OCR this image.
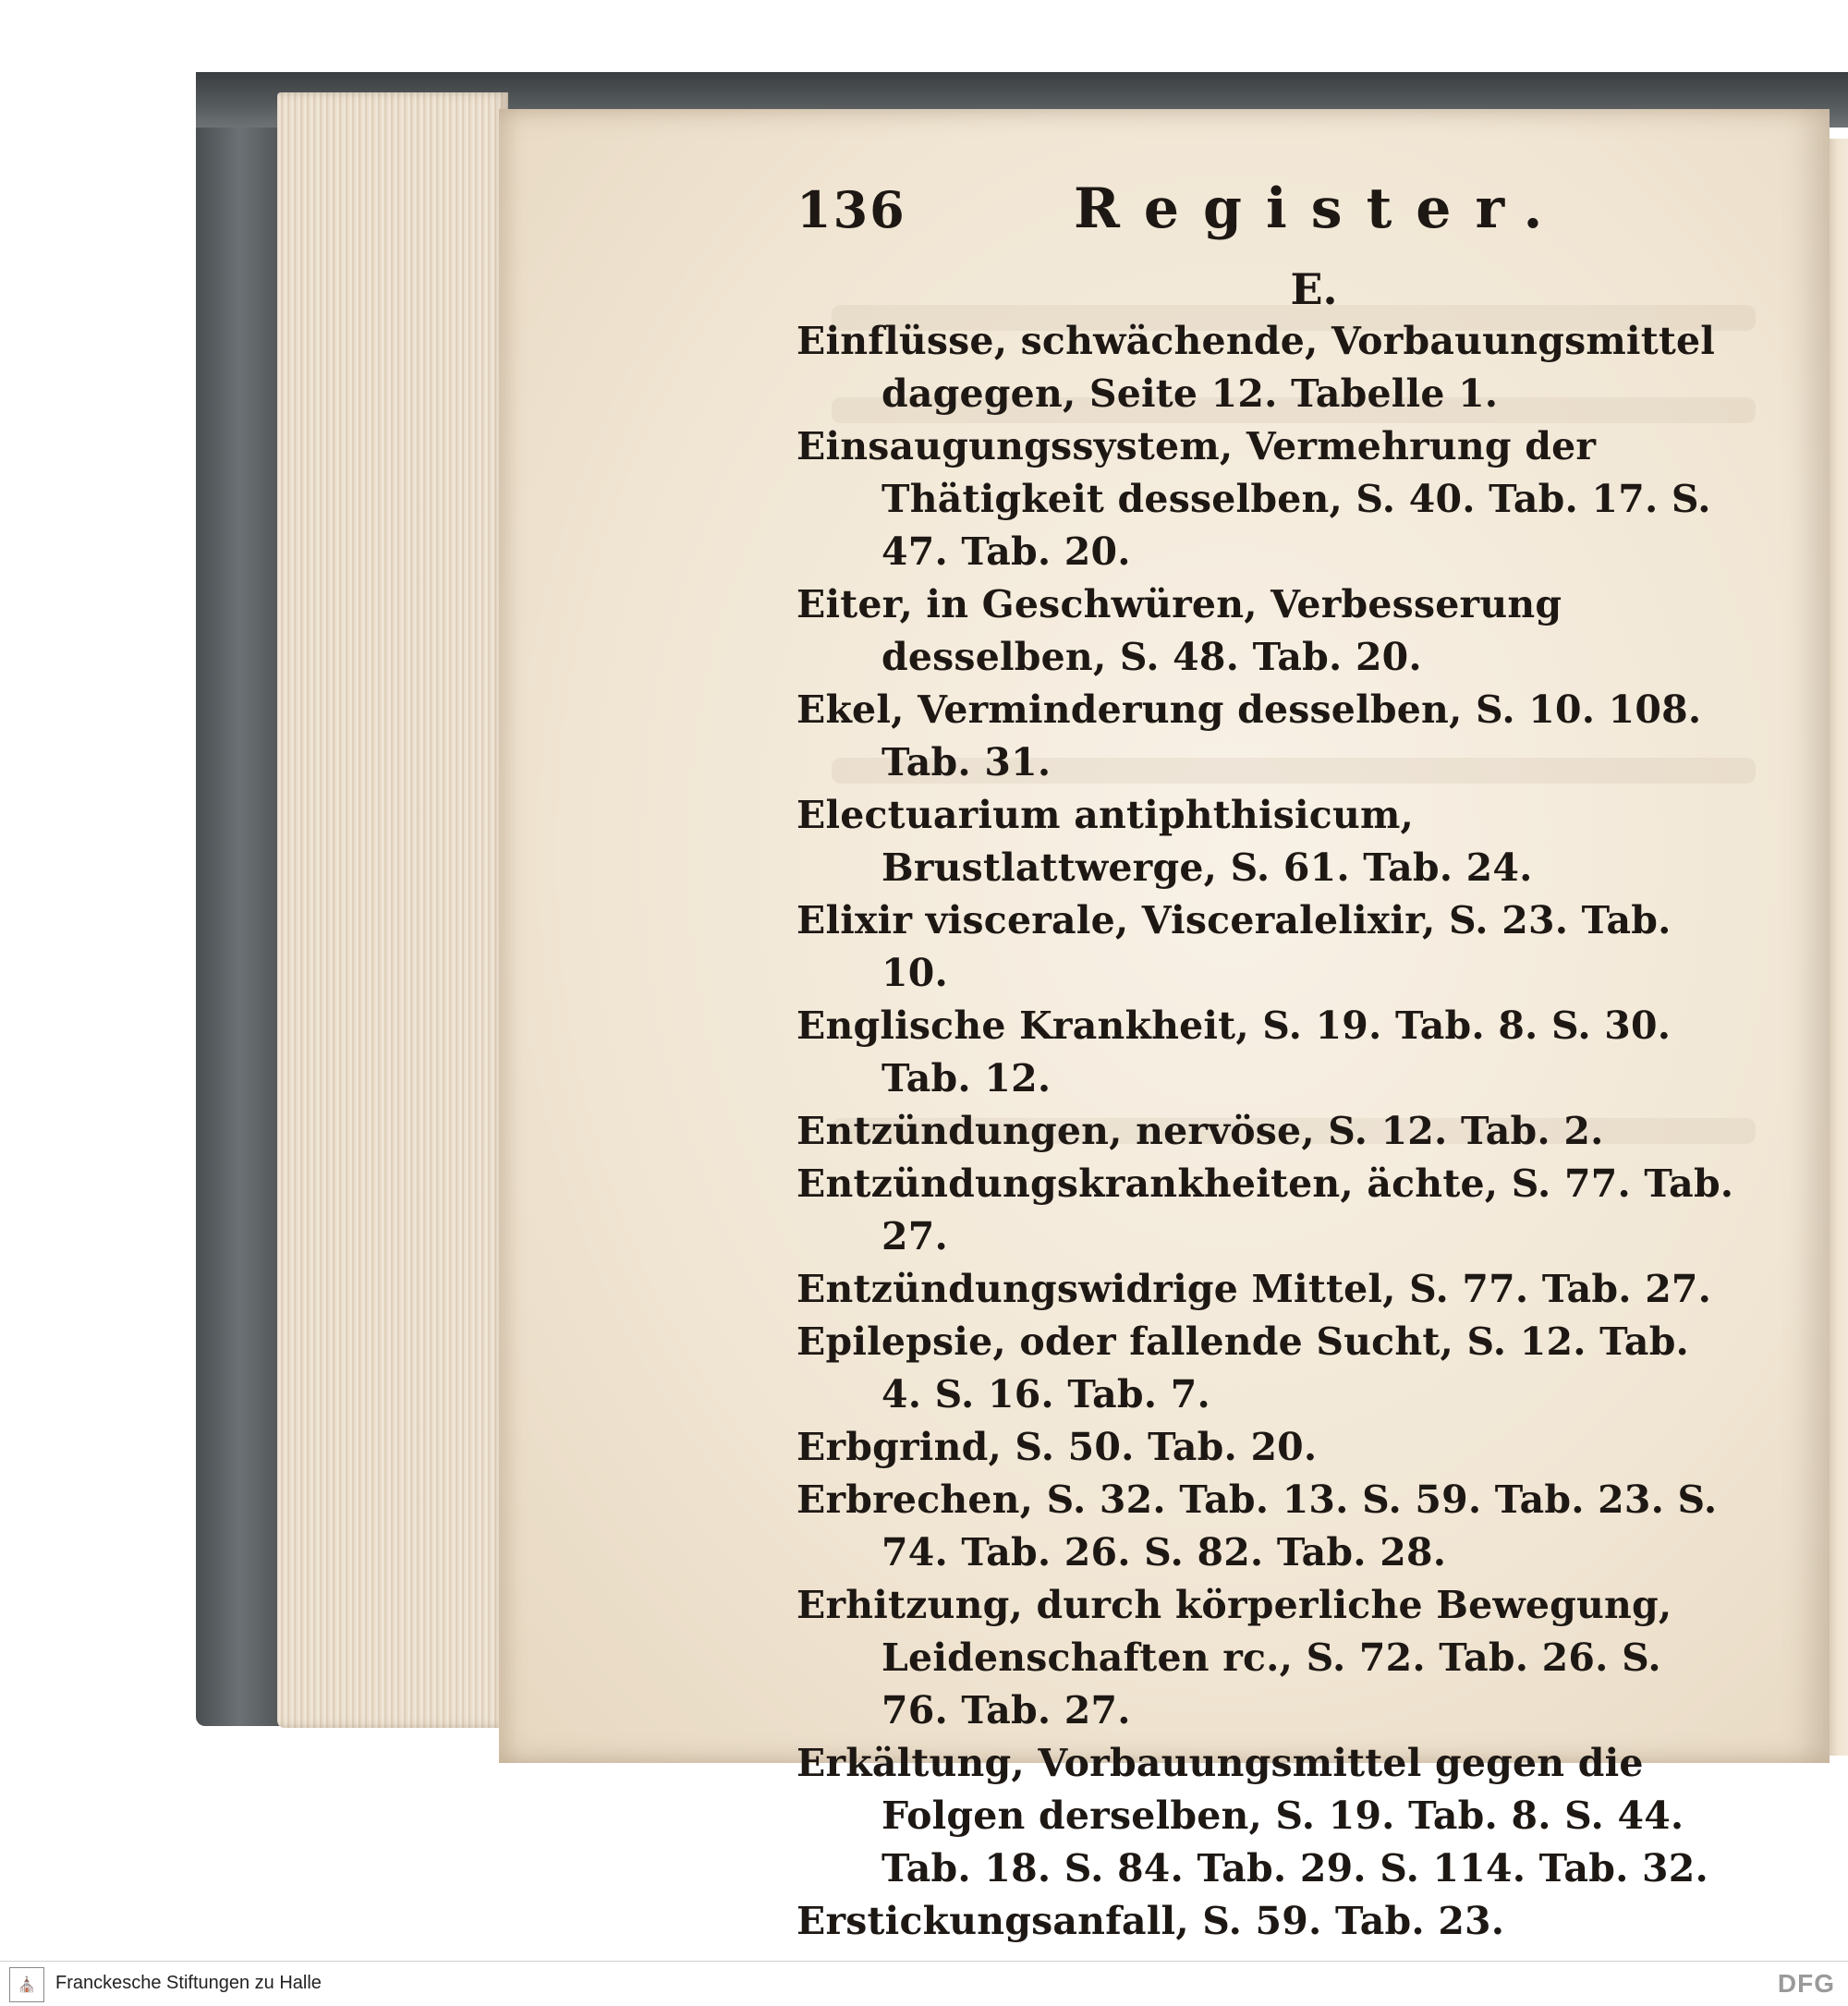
136	Register.
E.
Einflüsse, schwächende, Vorbauungsmittel dagegen, Seite 12. Tabelle 1.
Einsaugungssystem, Vermehrung der Thätigkeit desselben, S. 40. Tab. 17. S. 47. Tab. 20.
Eiter, in Geschwüren, Verbesserung desselben, S. 48. Tab. 20.
Ekel, Verminderung desselben, S. 10. 108. Tab. 31.
Electuarium antiphthisicum, Brustlattwerge, S. 61. Tab. 24.
Elixir viscerale, Visceralelixir, S. 23. Tab. 10.
Englische Krankheit, S. 19. Tab. 8. S. 30. Tab. 12.
Entzündungen, nervöse, S. 12. Tab. 2.
Entzündungskrankheiten, ächte, S. 77. Tab. 27.
Entzündungswidrige Mittel, S. 77. Tab. 27.
Epilepsie, oder fallende Sucht, S. 12. Tab. 4. S. 16. Tab. 7.
Erbgrind, S. 50. Tab. 20.
Erbrechen, S. 32. Tab. 13. S. 59. Tab. 23. S. 74. Tab. 26. S. 82. Tab. 28.
Erhitzung, durch körperliche Bewegung, Leidenschaften rc., S. 72. Tab. 26. S. 76. Tab. 27.
Erkältung, Vorbauungsmittel gegen die Folgen derselben, S. 19. Tab. 8. S. 44. Tab. 18. S. 84. Tab. 29. S. 114. Tab. 32.
Erstickungsanfall, S. 59. Tab. 23.
⛪	Franckesche Stiftungen zu Halle	DFG
